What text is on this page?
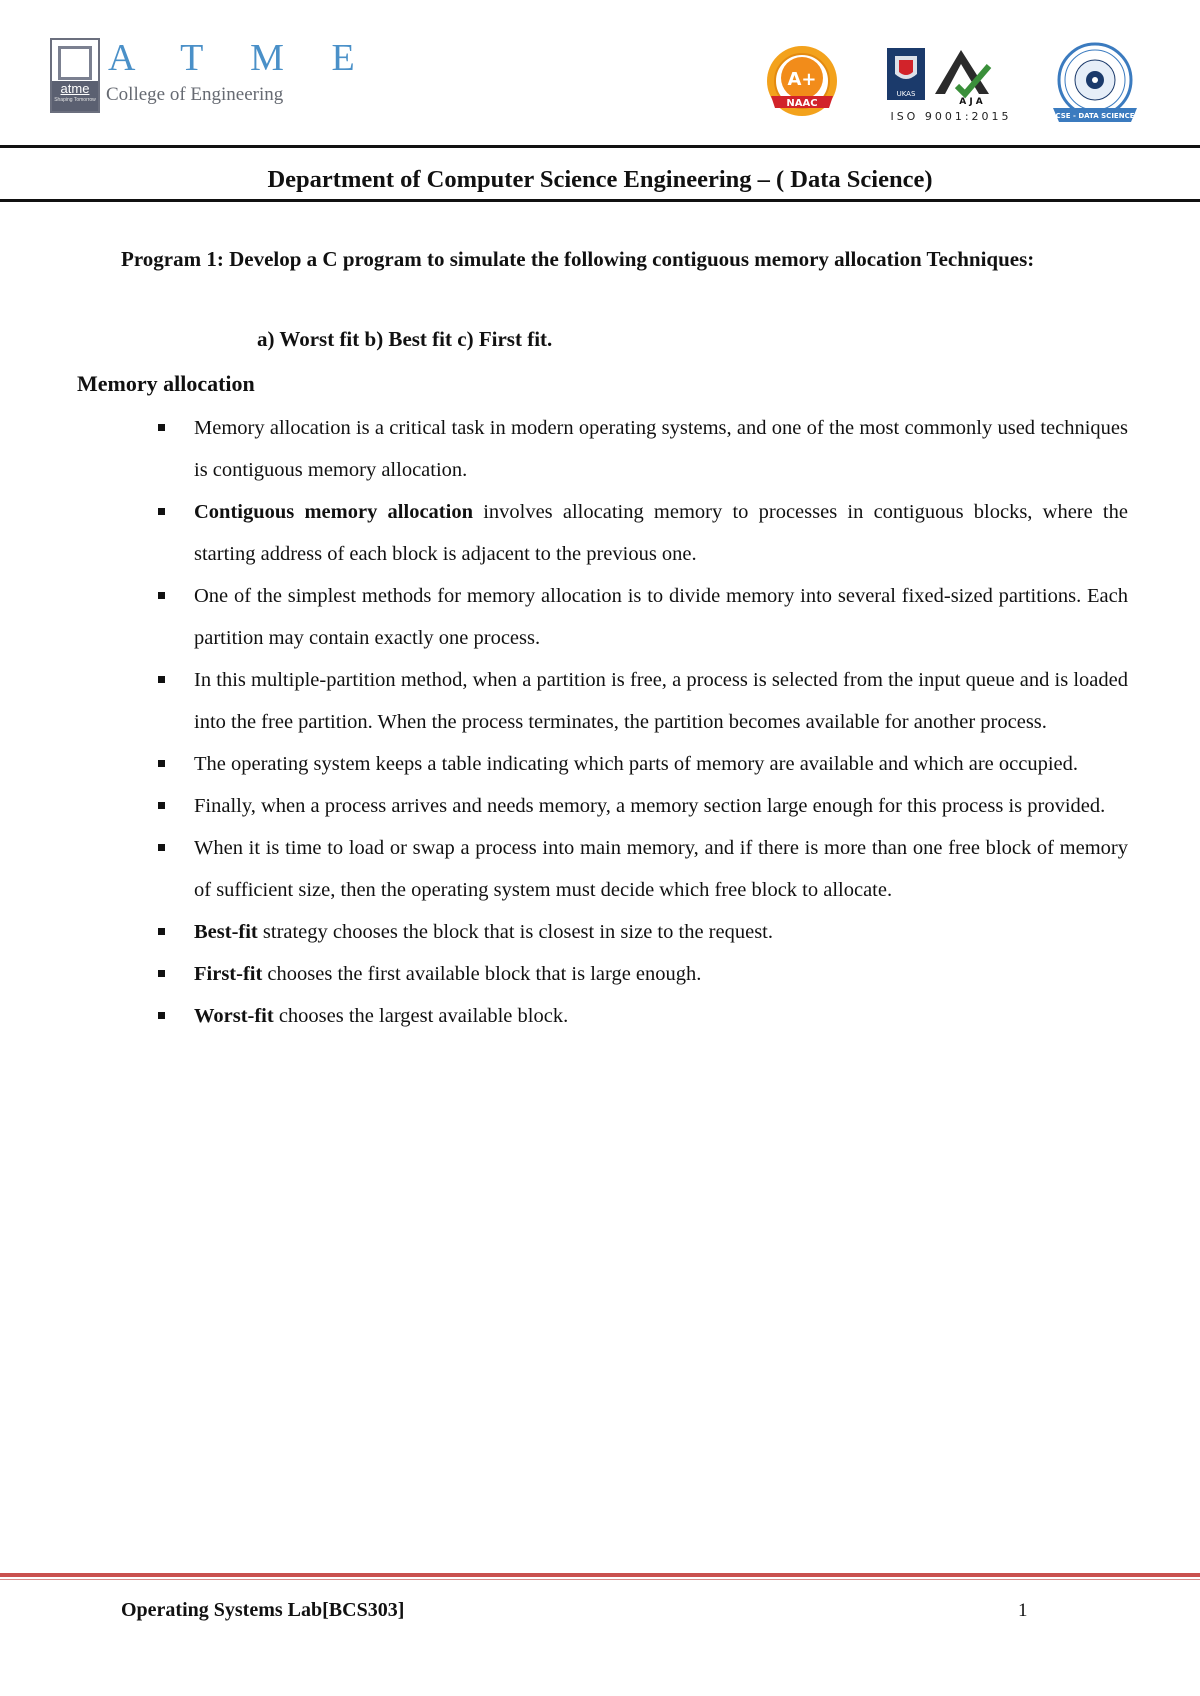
atme
Shaping Tomorrow
A T M E
College of Engineering
A+
NAAC
UKAS
A J A
ISO 9001:2015	CSE - DATA SCIENCE
Department of Computer Science Engineering – ( Data Science)

Program 1: Develop a C program to simulate the following contiguous memory allocation Techniques:

a) Worst fit b) Best fit c) First fit.
Memory allocation
Memory allocation is a critical task in modern operating systems, and one of the most commonly used techniques is contiguous memory allocation.
Contiguous memory allocation involves allocating memory to processes in contiguous blocks, where the starting address of each block is adjacent to the previous one.
One of the simplest methods for memory allocation is to divide memory into several fixed-sized partitions. Each partition may contain exactly one process.
In this multiple-partition method, when a partition is free, a process is selected from the input queue and is loaded into the free partition. When the process terminates, the partition becomes available for another process.
The operating system keeps a table indicating which parts of memory are available and which are occupied.
Finally, when a process arrives and needs memory, a memory section large enough for this process is provided.
When it is time to load or swap a process into main memory, and if there is more than one free block of memory of sufficient size, then the operating system must decide which free block to allocate.
Best-fit strategy chooses the block that is closest in size to the request.
First-fit chooses the first available block that is large enough.
Worst-fit chooses the largest available block.
Operating Systems Lab[BCS303]	1
